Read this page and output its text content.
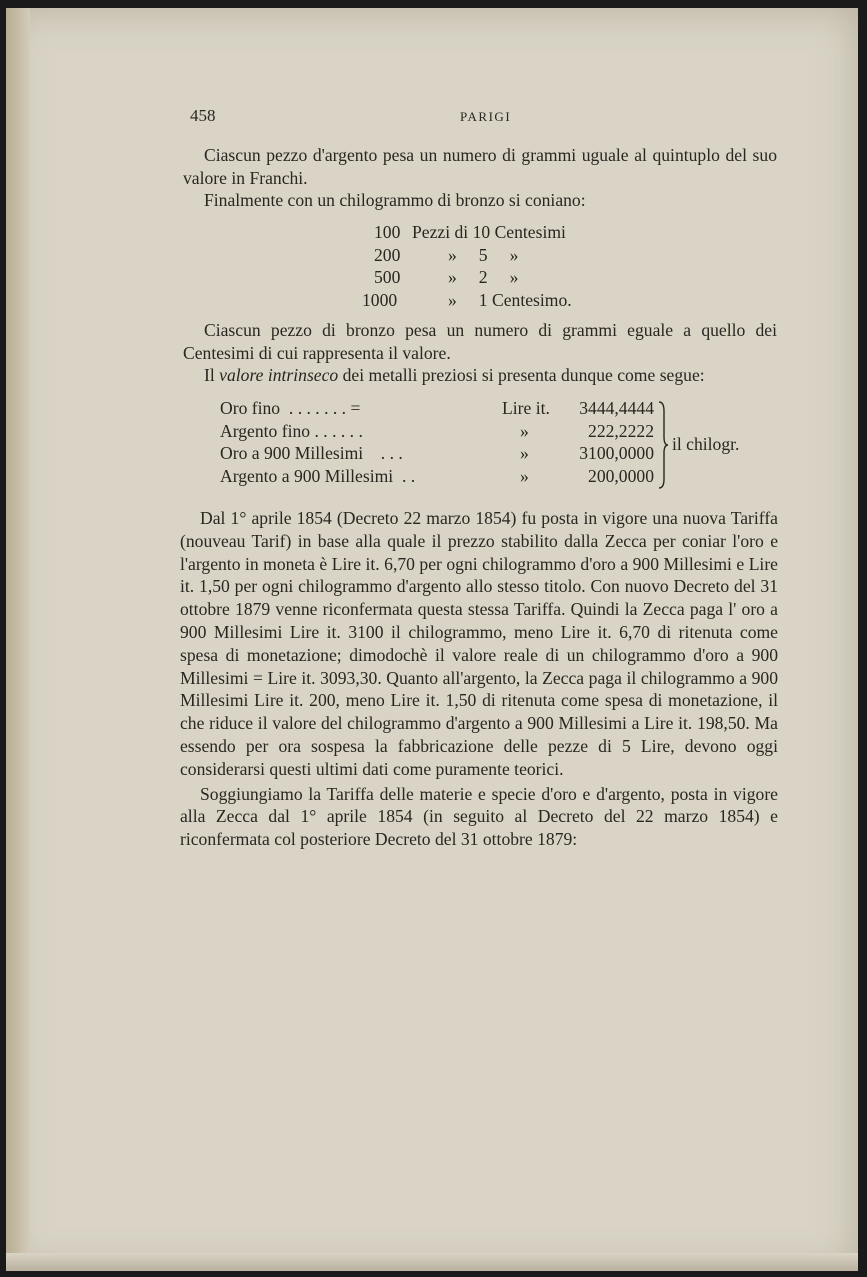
458	PARIGI

Ciascun pezzo d'argento pesa un numero di grammi uguale al quintuplo del suo valore in Franchi.

Finalmente con un chilogrammo di bronzo si coniano:

100 Pezzi di 10 Centesimi
200	»     5     »
500	»     2     »
1000	»     1 Centesimo.

Ciascun pezzo di bronzo pesa un numero di grammi eguale a quello dei Centesimi di cui rappresenta il valore.

Il valore intrinseco dei metalli preziosi si presenta dunque come segue:

Oro fino  . . . . . . . =	Lire it. 3444,4444
Argento fino . . . . . .	»	222,2222
Oro a 900 Millesimi    . . .	»	3100,0000
Argento a 900 Millesimi  . .	»	200,0000
il chilogr.

Dal 1° aprile 1854 (Decreto 22 marzo 1854) fu posta in vigore una nuova Tariffa (nouveau Tarif) in base alla quale il prezzo stabilito dalla Zecca per coniar l'oro e l'argento in moneta è Lire it. 6,70 per ogni chilogrammo d'oro a 900 Millesimi e Lire it. 1,50 per ogni chilogrammo d'argento allo stesso titolo. Con nuovo Decreto del 31 ottobre 1879 venne riconfermata questa stessa Tariffa. Quindi la Zecca paga l' oro a 900 Millesimi Lire it. 3100 il chilogrammo, meno Lire it. 6,70 di ritenuta come spesa di monetazione; dimodochè il valore reale di un chilogrammo d'oro a 900 Millesimi = Lire it. 3093,30. Quanto all'argento, la Zecca paga il chilogrammo a 900 Millesimi Lire it. 200, meno Lire it. 1,50 di ritenuta come spesa di monetazione, il che riduce il valore del chilogrammo d'argento a 900 Millesimi a Lire it. 198,50. Ma essendo per ora sospesa la fabbricazione delle pezze di 5 Lire, devono oggi considerarsi questi ultimi dati come puramente teorici.

Soggiungiamo la Tariffa delle materie e specie d'oro e d'argento, posta in vigore alla Zecca dal 1° aprile 1854 (in seguito al Decreto del 22 marzo 1854) e riconfermata col posteriore Decreto del 31 ottobre 1879:
